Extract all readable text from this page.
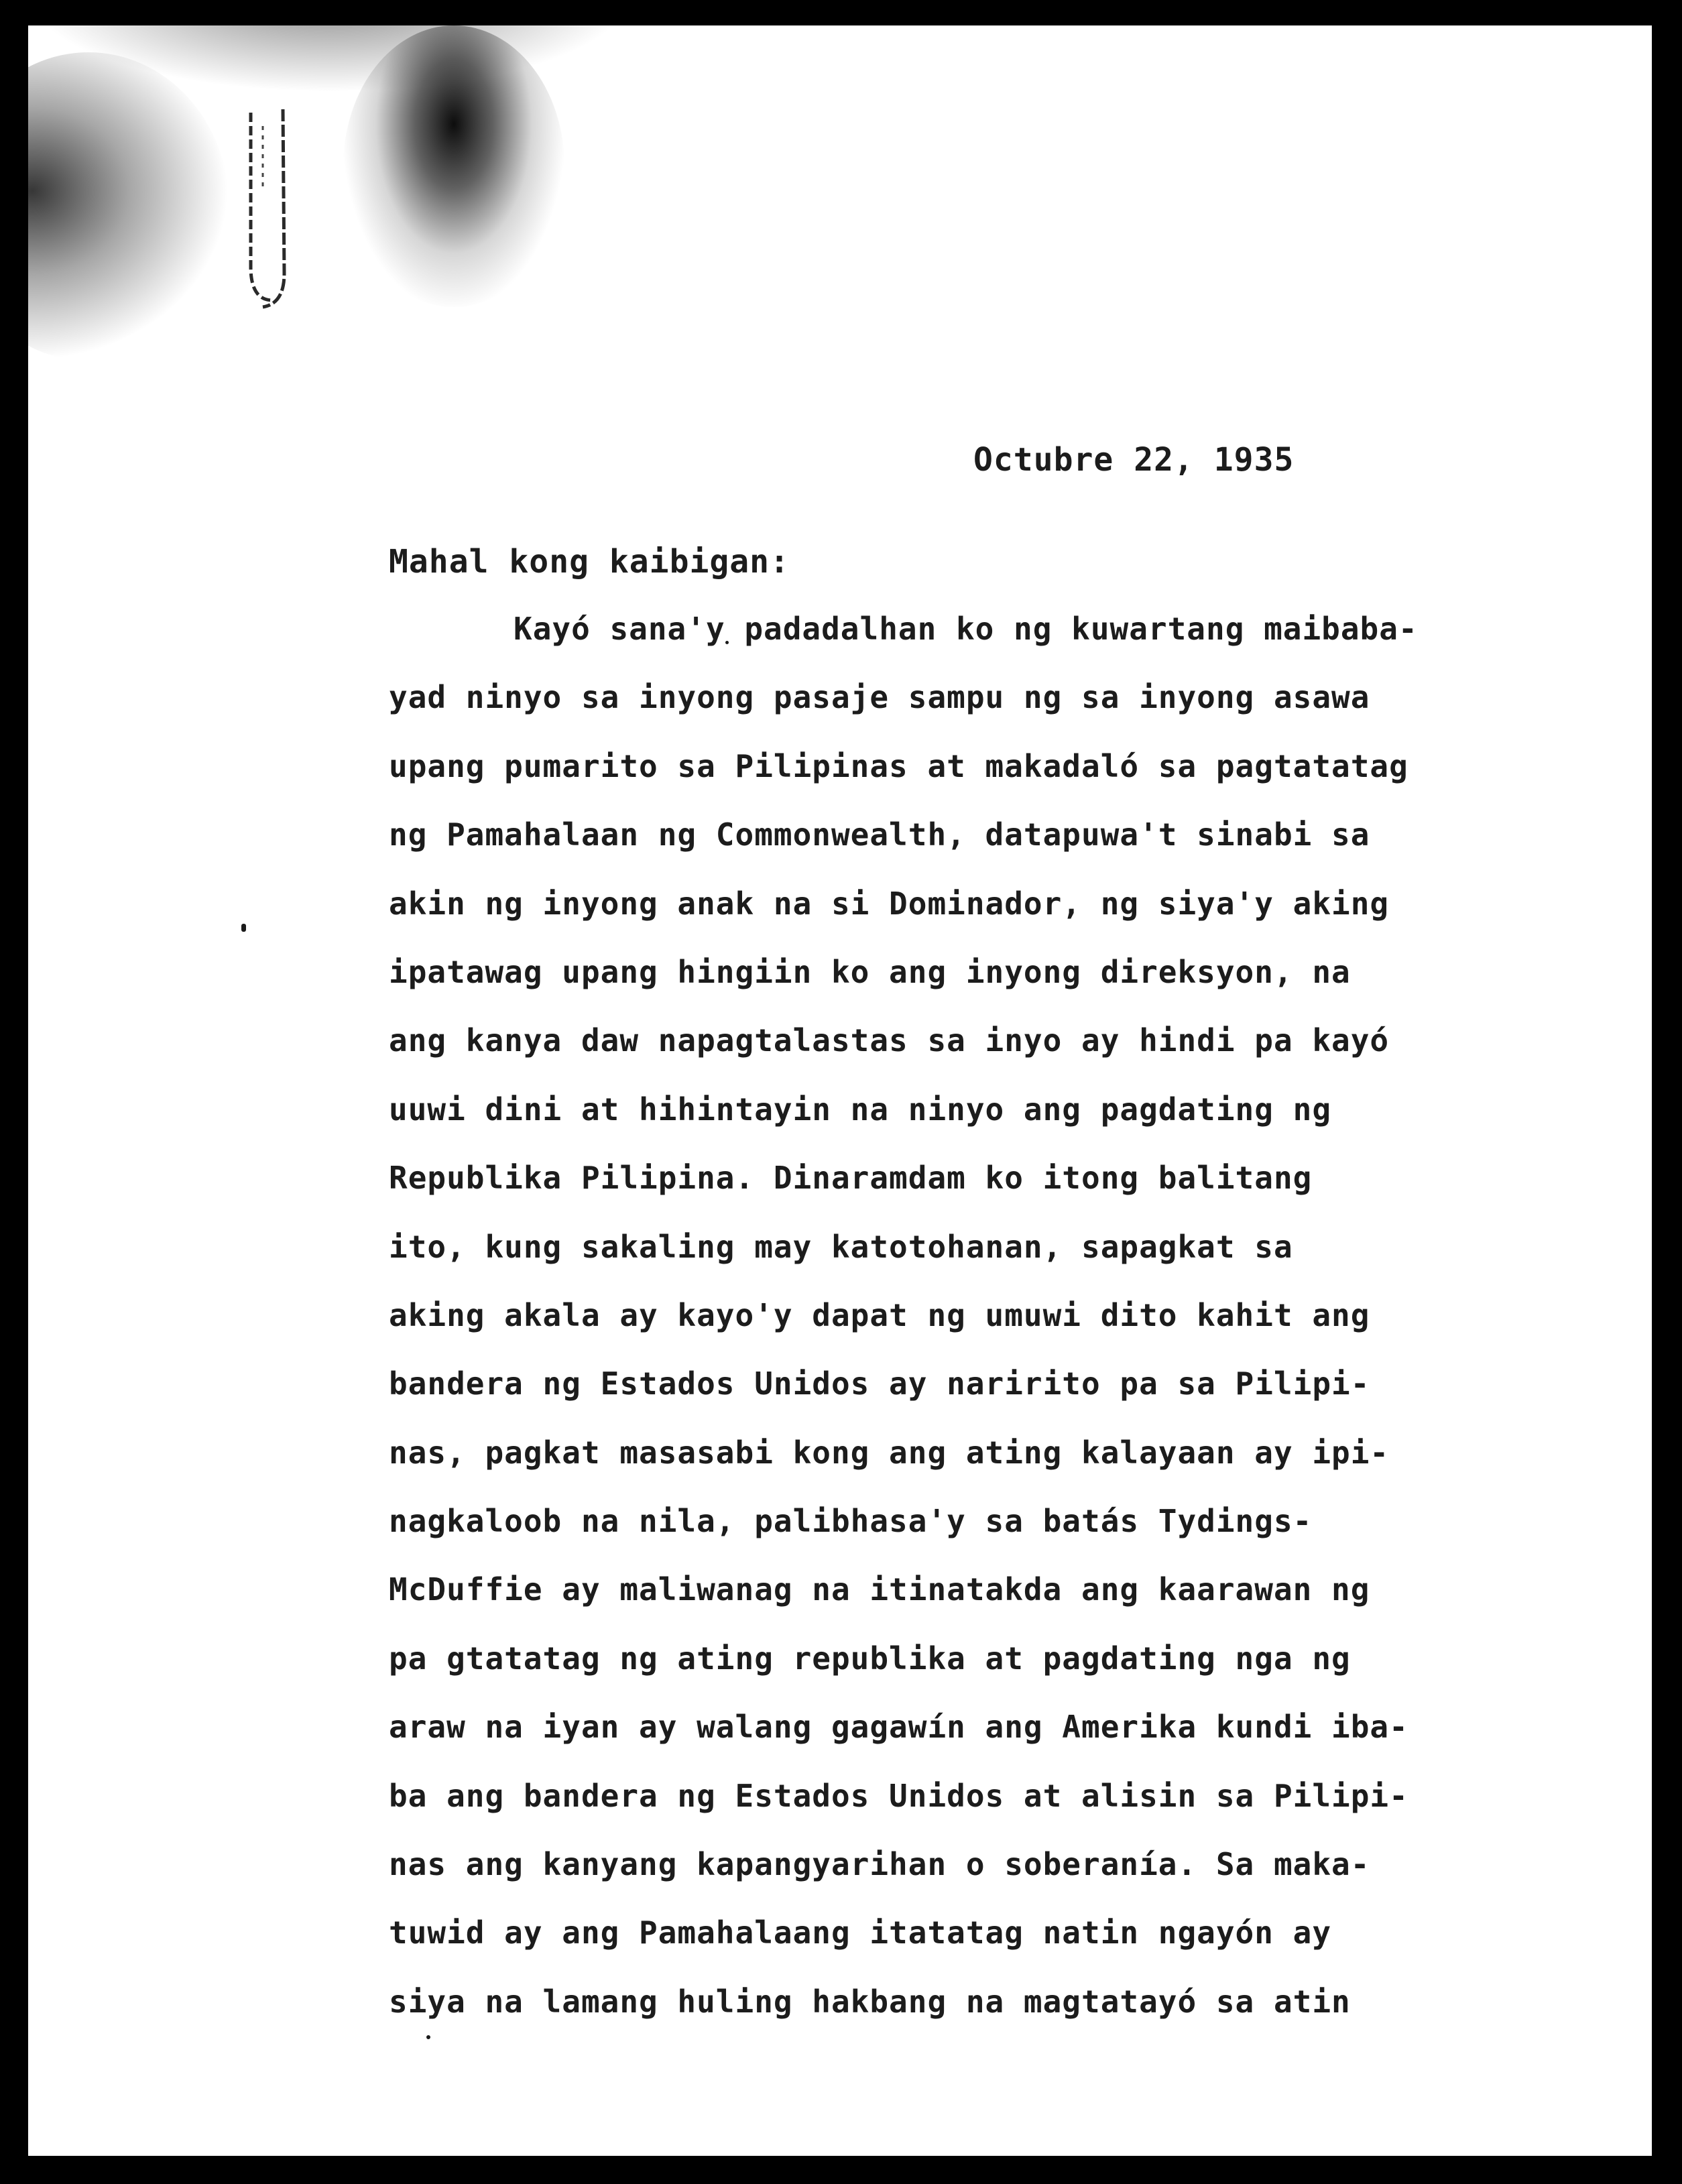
Octubre 22, 1935
Mahal kong kaibigan:
Kayó sana'y padadalhan ko ng kuwartang maibaba-
yad ninyo sa inyong pasaje sampu ng sa inyong asawa
upang pumarito sa Pilipinas at makadaló sa pagtatatag
ng Pamahalaan ng Commonwealth, datapuwa't sinabi sa
akin ng inyong anak na si Dominador, ng siya'y aking
ipatawag upang hingiin ko ang inyong direksyon, na
ang kanya daw napagtalastas sa inyo ay hindi pa kayó
uuwi dini at hihintayin na ninyo ang pagdating ng
Republika Pilipina. Dinaramdam ko itong balitang
ito, kung sakaling may katotohanan, sapagkat sa
aking akala ay kayo'y dapat ng umuwi dito kahit ang
bandera ng Estados Unidos ay naririto pa sa Pilipi-
nas, pagkat masasabi kong ang ating kalayaan ay ipi-
nagkaloob na nila, palibhasa'y sa batás Tydings-
McDuffie ay maliwanag na itinatakda ang kaarawan ng
pa gtatatag ng ating republika at pagdating nga ng
araw na iyan ay walang gagawín ang Amerika kundi iba-
ba ang bandera ng Estados Unidos at alisin sa Pilipi-
nas ang kanyang kapangyarihan o soberanía. Sa maka-
tuwid ay ang Pamahalaang itatatag natin ngayón ay
siya na lamang huling hakbang na magtatayó sa atin
